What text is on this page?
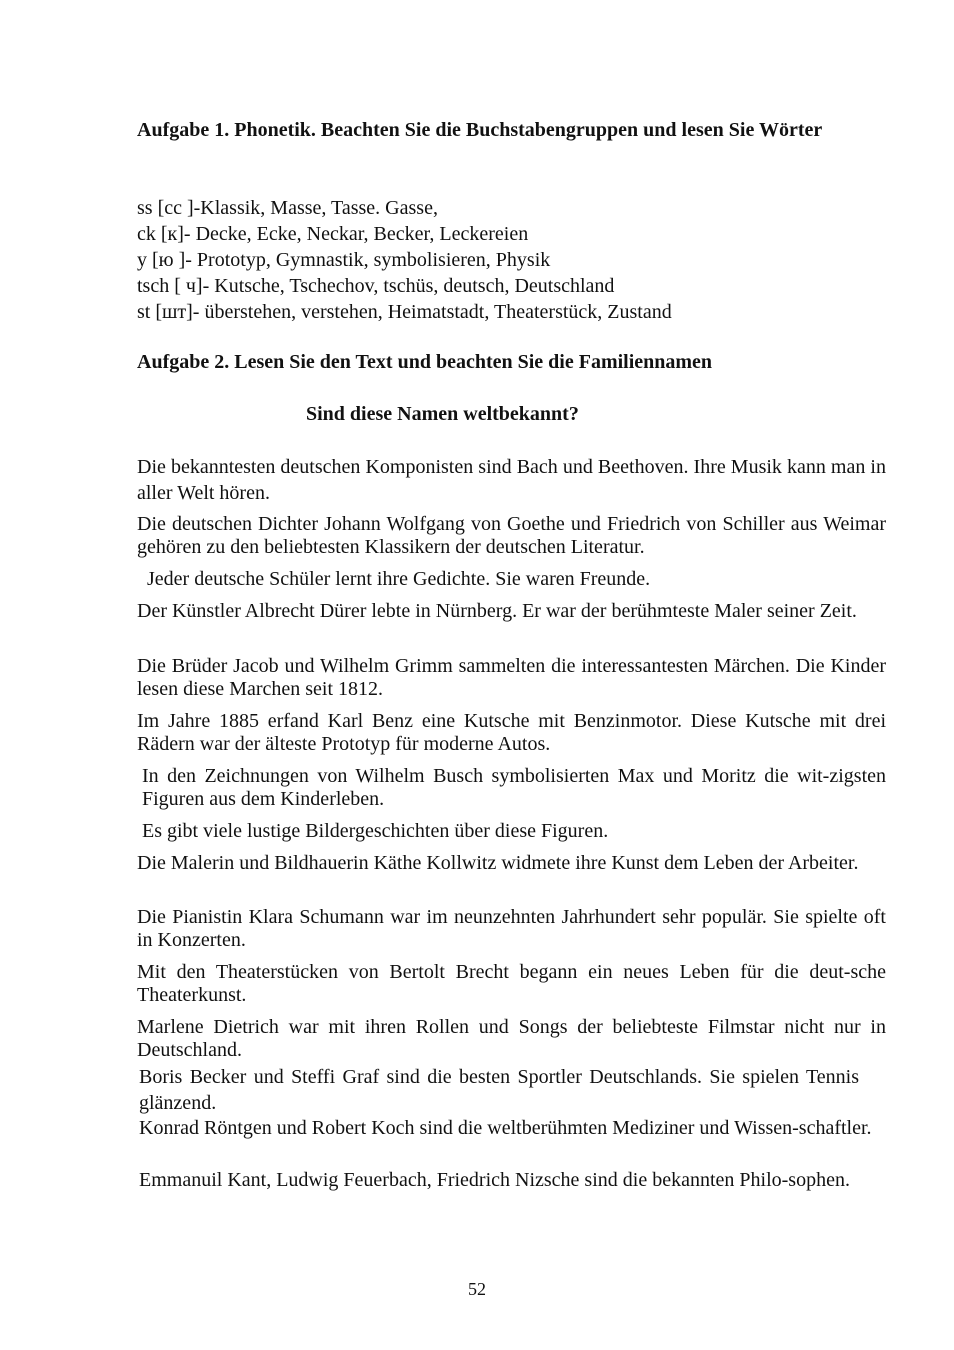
Aufgabe 1. Phonetik. Beachten Sie die Buchstabengruppen und lesen Sie Wörter
ss [сс ]-Klassik, Masse, Tasse. Gasse,
ck [к]- Decke, Ecke, Neckar, Becker, Leckereien
y [ю ]- Prototyp, Gymnastik, symbolisieren, Physik
tsch [ ч]- Kutsche, Tschechov, tschüs, deutsch, Deutschland
st [шт]- überstehen, verstehen, Heimatstadt, Theaterstück, Zustand
Aufgabe 2. Lesen Sie den Text und beachten Sie die Familiennamen
Sind diese Namen weltbekannt?
Die bekanntesten deutschen Komponisten sind Bach und Beethoven. Ihre Musik kann man in aller Welt hören.
Die deutschen Dichter Johann Wolfgang von Goethe und Friedrich von Schiller aus Weimar gehören zu den beliebtesten Klassikern der deutschen Literatur.
Jeder deutsche Schüler lernt ihre Gedichte. Sie waren Freunde.
Der Künstler Albrecht Dürer lebte in Nürnberg. Er war der berühmteste Maler seiner Zeit.
Die Brüder Jacob und Wilhelm Grimm sammelten die interessantesten Märchen. Die Kinder lesen diese Marchen seit 1812.
Im Jahre 1885 erfand Karl Benz eine Kutsche mit Benzinmotor. Diese Kutsche mit drei Rädern war der älteste Prototyp für moderne Autos.
In den Zeichnungen von Wilhelm Busch symbolisierten Max und Moritz die wit-zigsten Figuren aus dem Kinderleben.
Es gibt viele lustige Bildergeschichten über diese Figuren.
Die Malerin und Bildhauerin Käthe Kollwitz widmete ihre Kunst dem Leben der Arbeiter.
Die Pianistin Klara Schumann war im neunzehnten Jahrhundert sehr populär. Sie spielte oft in Konzerten.
Mit den Theaterstücken von Bertolt Brecht begann ein neues Leben für die deut-sche Theaterkunst.
Marlene Dietrich war mit ihren Rollen und Songs der beliebteste Filmstar nicht nur in Deutschland.
Boris Becker und Steffi Graf sind die besten Sportler Deutschlands. Sie spielen Tennis glänzend.
Konrad Röntgen und Robert Koch sind die weltberühmten Mediziner und Wissen-schaftler.
Emmanuil Kant, Ludwig Feuerbach, Friedrich Nizsche sind die bekannten Philo-sophen.
52
